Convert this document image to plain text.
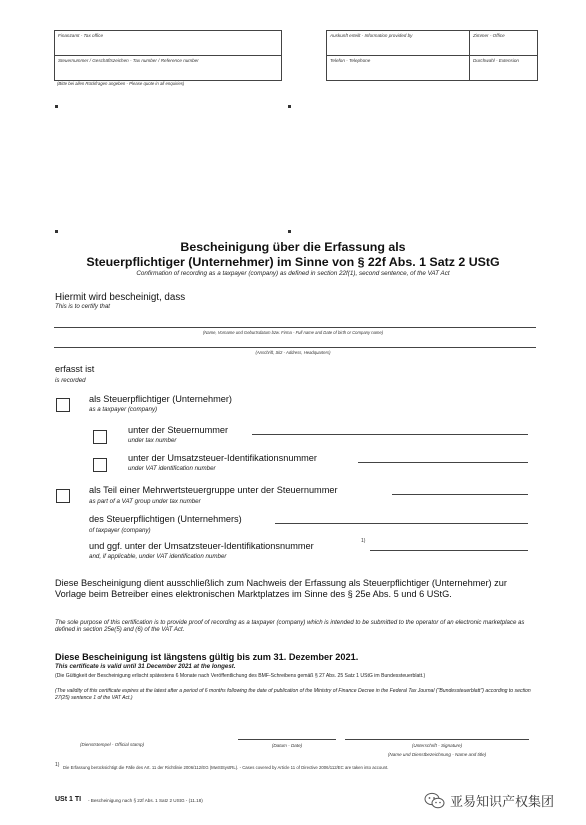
Finanzamt - Tax office
Steuernummer / Geschäftszeichen - Tax number / Reference number
(Bitte bei allen Rückfragen angeben - Please quote in all enquiries)
Auskunft erteilt - Information provided by	Zimmer - Office
Telefon - Telephone	Durchwahl - Extension
Bescheinigung über die Erfassung als
Steuerpflichtiger (Unternehmer) im Sinne von § 22f Abs. 1 Satz 2 UStG
Confirmation of recording as a taxpayer (company) as defined in section 22f(1), second sentence, of the VAT Act
Hiermit wird bescheinigt, dass
This is to certify that
(Name, Vorname und Geburtsdatum bzw. Firma - Full name and Date of birth or Company name)
(Anschrift, Sitz - Address, Headquarters)
erfasst ist
is recorded
als Steuerpflichtiger (Unternehmer)
as a taxpayer (company)
unter der Steuernummer
under tax number
unter der Umsatzsteuer-Identifikationsnummer
under VAT identification number
als Teil einer Mehrwertsteuergruppe unter der Steuernummer
as part of a VAT group under tax number
des Steuerpflichtigen (Unternehmers)
of taxpayer (company)
und ggf. unter der Umsatzsteuer-Identifikationsnummer	1)
and, if applicable, under VAT identification number
Diese Bescheinigung dient ausschließlich zum Nachweis der Erfassung als Steuerpflichtiger (Unternehmer) zur Vorlage beim Betreiber eines elektronischen Marktplatzes im Sinne des § 25e Abs. 5 und 6 UStG.
The sole purpose of this certification is to provide proof of recording as a taxpayer (company) which is intended to be submitted to the operator of an electronic marketplace as defined in section 25e(5) and (6) of the VAT Act.
Diese Bescheinigung ist längstens gültig bis zum 31. Dezember 2021.
This certificate is valid until 31 December 2021 at the longest.
(Die Gültigkeit der Bescheinigung erlischt spätestens 6 Monate nach Veröffentlichung des BMF-Schreibens gemäß § 27 Abs. 25 Satz 1 UStG im Bundessteuerblatt.)
(The validity of this certificate expires at the latest after a period of 6 months following the date of publication of the Ministry of Finance Decree in the Federal Tax Journal ("Bundessteuerblatt") according to section 27(25) sentence 1 of the VAT Act.)
(Dienststempel - Official stamp)	(Datum - Date)	(Unterschrift - Signature)
(Name und Dienstbezeichnung - Name and title)
1) Die Erfassung berücksichtigt die Fälle des Art. 11 der Richtlinie 2006/112/EG (MwStSystRL). - Cases covered by Article 11 of Directive 2006/112/EC are taken into account.
USt 1 TI - Bescheinigung nach § 22f Abs. 1 Satz 2 UStG - (11.18)	亚易知识产权集团
